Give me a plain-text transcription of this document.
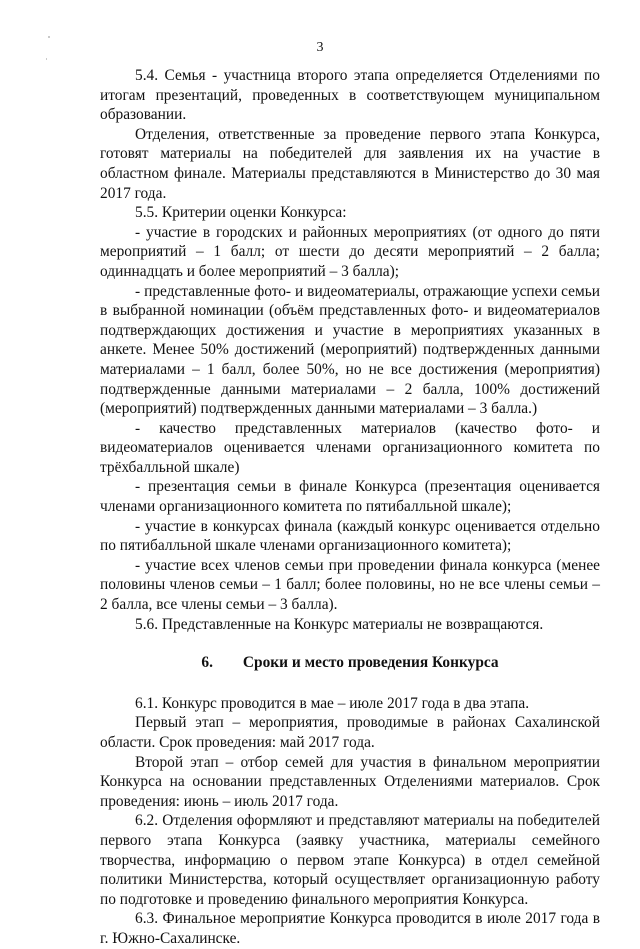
3

5.4. Семья - участница второго этапа определяется Отделениями по итогам презентаций, проведенных в соответствующем муниципальном образовании.

Отделения, ответственные за проведение первого этапа Конкурса, готовят материалы на победителей для заявления их на участие в областном финале. Материалы представляются в Министерство до 30 мая 2017 года.

5.5. Критерии оценки Конкурса:

- участие в городских и районных мероприятиях (от одного до пяти мероприятий – 1 балл; от шести до десяти мероприятий – 2 балла; одиннадцать и более мероприятий – 3 балла);

- представленные фото- и видеоматериалы, отражающие успехи семьи в выбранной номинации (объём представленных фото- и видеоматериалов подтверждающих достижения и участие в мероприятиях указанных в анкете. Менее 50% достижений (мероприятий) подтвержденных данными материалами – 1 балл, более 50%, но не все достижения (мероприятия) подтвержденные данными материалами – 2 балла, 100% достижений (мероприятий) подтвержденных данными материалами – 3 балла.)

- качество представленных материалов (качество фото- и видеоматериалов оценивается членами организационного комитета по трёхбалльной шкале)

- презентация семьи в финале Конкурса (презентация оценивается членами организационного комитета по пятибалльной шкале);

- участие в конкурсах финала (каждый конкурс оценивается отдельно по пятибалльной шкале членами организационного комитета);

- участие всех членов семьи при проведении финала конкурса (менее половины членов семьи – 1 балл; более половины, но не все члены семьи – 2 балла, все члены семьи – 3 балла).

5.6. Представленные на Конкурс материалы не возвращаются.

6. Сроки и место проведения Конкурса

6.1. Конкурс проводится в мае – июле 2017 года в два этапа.

Первый этап – мероприятия, проводимые в районах Сахалинской области. Срок проведения: май 2017 года.

Второй этап – отбор семей для участия в финальном мероприятии Конкурса на основании представленных Отделениями материалов. Срок проведения: июнь – июль 2017 года.

6.2. Отделения оформляют и представляют материалы на победителей первого этапа Конкурса (заявку участника, материалы семейного творчества, информацию о первом этапе Конкурса) в отдел семейной политики Министерства, который осуществляет организационную работу по подготовке и проведению финального мероприятия Конкурса.

6.3. Финальное мероприятие Конкурса проводится в июле 2017 года в г. Южно-Сахалинске.
